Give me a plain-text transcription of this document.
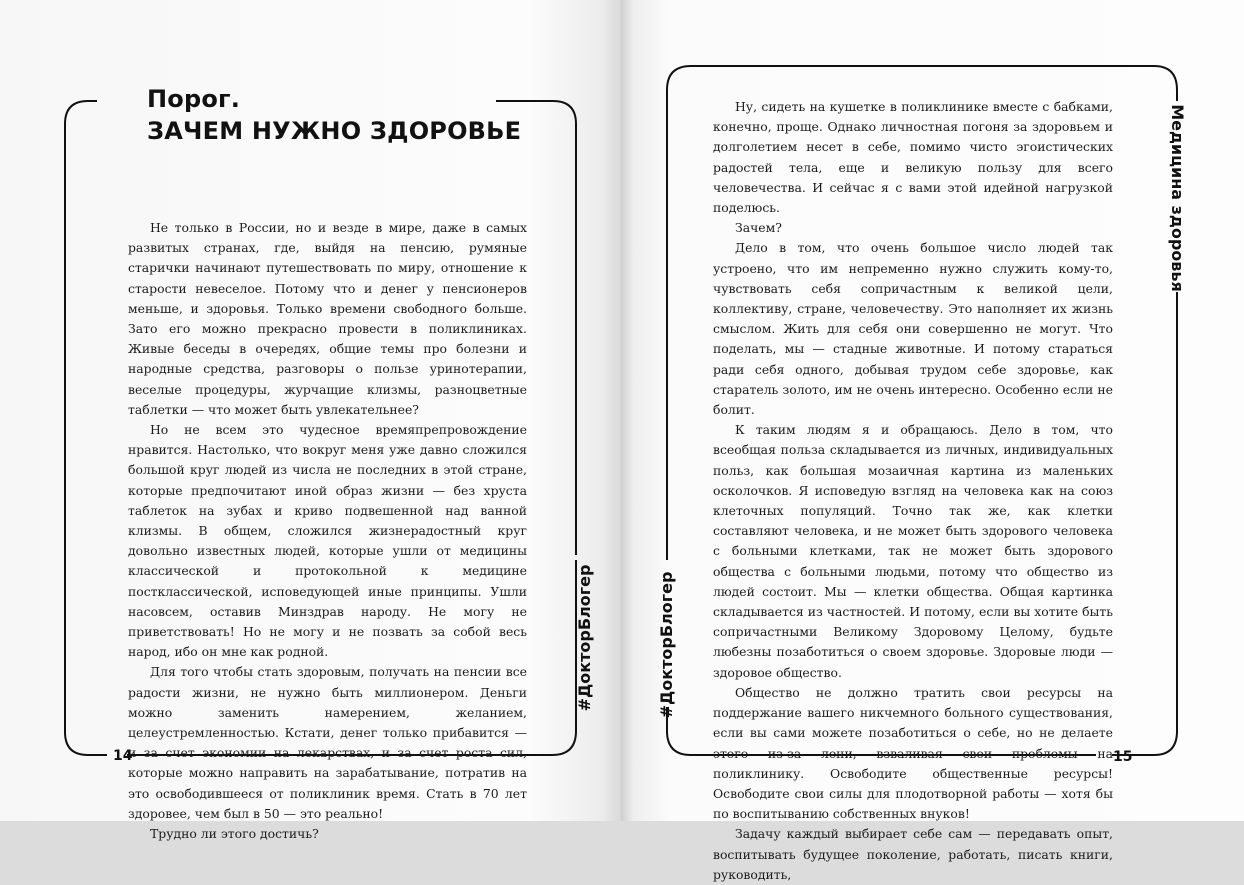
Порог.
ЗАЧЕМ НУЖНО ЗДОРОВЬЕ

Не только в России, но и везде в мире, даже в самых развитых странах, где, выйдя на пенсию, румяные старички начинают путешествовать по миру, отношение к старости невеселое. Потому что и денег у пенсионеров меньше, и здоровья. Только времени свободного больше. Зато его можно прекрасно провести в поликлиниках. Живые беседы в очередях, общие темы про болезни и народные средства, разговоры о пользе уринотерапии, веселые процедуры, журчащие клизмы, разноцветные таблетки — что может быть увлекательнее?

Но не всем это чудесное времяпрепровождение нравится. Настолько, что вокруг меня уже давно сложился большой круг людей из числа не последних в этой стране, которые предпочитают иной образ жизни — без хруста таблеток на зубах и криво подвешенной над ванной клизмы. В общем, сложился жизнерадостный круг довольно известных людей, которые ушли от медицины классической и протокольной к медицине постклассической, исповедующей иные принципы. Ушли насовсем, оставив Минздрав народу. Не могу не приветствовать! Но не могу и не позвать за собой весь народ, ибо он мне как родной.

Для того чтобы стать здоровым, получать на пенсии все радости жизни, не нужно быть миллионером. Деньги можно заменить намерением, желанием, целеустремленностью. Кстати, денег только прибавится — и за счет экономии на лекарствах, и за счет роста сил, которые можно направить на зарабатывание, потратив на это освободившееся от поликлиник время. Стать в 70 лет здоровее, чем был в 50 — это реально!

Трудно ли этого достичь?

#ДокторБлогер
14

Ну, сидеть на кушетке в поликлинике вместе с бабками, конечно, проще. Однако личностная погоня за здоровьем и долголетием несет в себе, помимо чисто эгоистических радостей тела, еще и великую пользу для всего человечества. И сейчас я с вами этой идейной нагрузкой поделюсь.

Зачем?

Дело в том, что очень большое число людей так устроено, что им непременно нужно служить кому-то, чувствовать себя сопричастным к великой цели, коллективу, стране, человечеству. Это наполняет их жизнь смыслом. Жить для себя они совершенно не могут. Что поделать, мы — стадные животные. И потому стараться ради себя одного, добывая трудом себе здоровье, как старатель золото, им не очень интересно. Особенно если не болит.

К таким людям я и обращаюсь. Дело в том, что всеобщая польза складывается из личных, индивидуальных польз, как большая мозаичная картина из маленьких осколочков. Я исповедую взгляд на человека как на союз клеточных популяций. Точно так же, как клетки составляют человека, и не может быть здорового человека с больными клетками, так не может быть здорового общества с больными людьми, потому что общество из людей состоит. Мы — клетки общества. Общая картинка складывается из частностей. И потому, если вы хотите быть сопричастными Великому Здоровому Целому, будьте любезны позаботиться о своем здоровье. Здоровые люди — здоровое общество.

Общество не должно тратить свои ресурсы на поддержание вашего никчемного больного существования, если вы сами можете позаботиться о себе, но не делаете этого из-за лени, взваливая свои проблемы на поликлинику. Освободите общественные ресурсы! Освободите свои силы для плодотворной работы — хотя бы по воспитыванию собственных внуков!

Задачу каждый выбирает себе сам — передавать опыт, воспитывать будущее поколение, работать, писать книги, руководить,

Медицина здоровья
#ДокторБлогер
15
